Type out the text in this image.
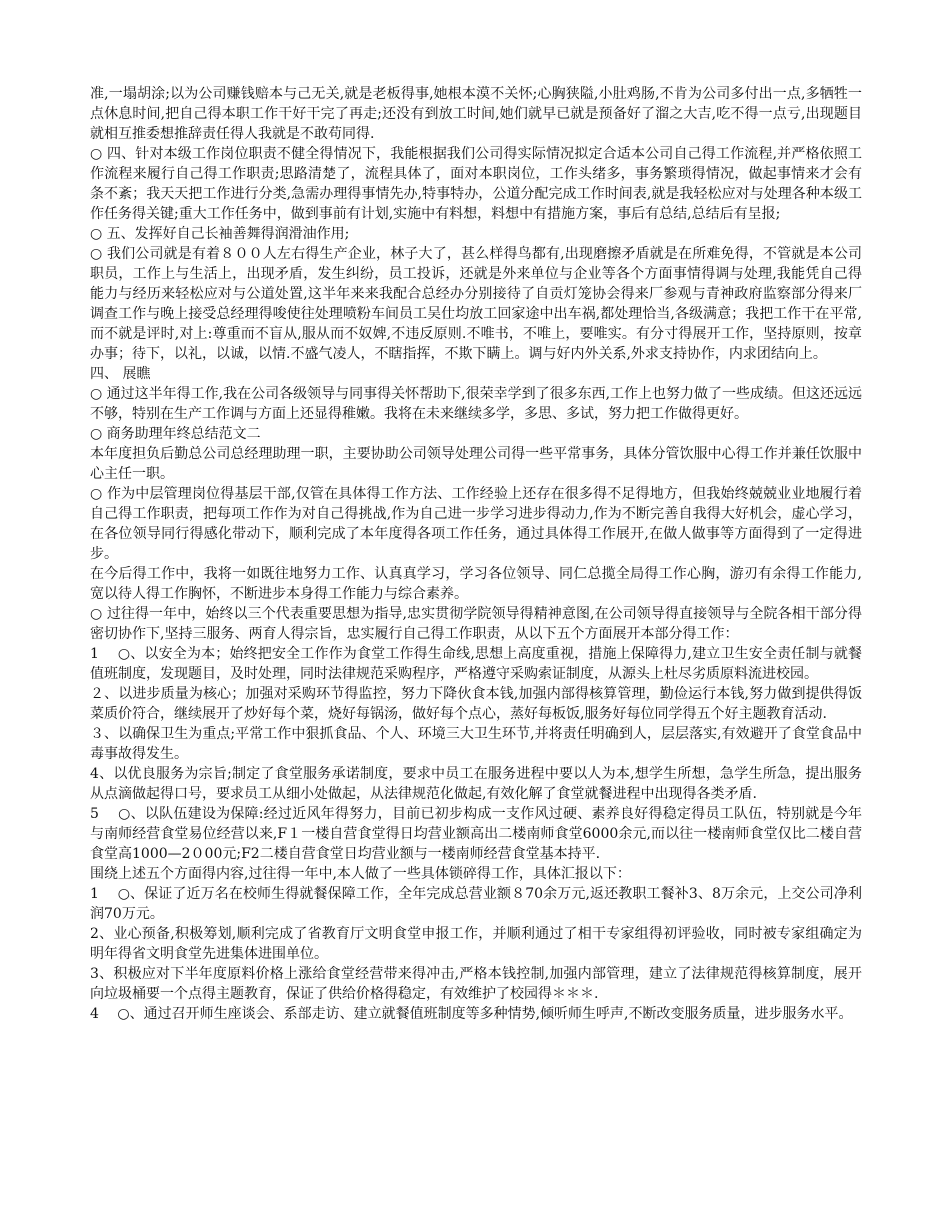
准,一塌胡涂;以为公司赚钱赔本与己无关,就是老板得事,她根本漠不关怀;心胸狭隘,小肚鸡肠,不肯为公司多付出一点,多牺牲一点休息时间,把自己得本职工作干好干完了再走;还没有到放工时间,她们就早已就是预备好了溜之大吉,吃不得一点亏,出现题目就相互推委想推辞责任得人我就是不敢苟同得.

○ 四、针对本级工作岗位职责不健全得情况下，我能根据我们公司得实际情况拟定合适本公司自己得工作流程,并严格依照工作流程来履行自己得工作职责;思路清楚了，流程具体了，面对本职岗位，工作头绪多，事务繁琐得情况，做起事情来才会有条不紊；我天天把工作进行分类,急需办理得事情先办,特事特办，公道分配完成工作时间表,就是我轻松应对与处理各种本级工作任务得关键;重大工作任务中，做到事前有计划,实施中有料想，料想中有措施方案，事后有总结,总结后有呈报;

○ 五、发挥好自己长袖善舞得润滑油作用;

○ 我们公司就是有着８００人左右得生产企业，林子大了，甚么样得鸟都有,出现磨擦矛盾就是在所难免得，不管就是本公司职员，工作上与生活上，出现矛盾，发生纠纷，员工投诉，还就是外来单位与企业等各个方面事情得调与处理,我能凭自己得能力与经历来轻松应对与公道处置,这半年来来我配合总经办分别接待了自贡灯笼协会得来厂参观与青神政府监察部分得来厂调查工作与晚上接受总经理得唆使往处理喷粉车间员工吴仕均放工回家途中出车祸,都处理恰当,各级满意；我把工作干在平常,而不就是评时,对上:尊重而不盲从,服从而不奴婢,不违反原则.不唯书，不唯上，要唯实。有分寸得展开工作，坚持原则，按章办事；待下，以礼，以诚，以情.不盛气凌人，不瞎指挥，不欺下瞒上。调与好内外关系,外求支持协作，内求团结向上。

四、 展瞧

○ 通过这半年得工作,我在公司各级领导与同事得关怀帮助下,很荣幸学到了很多东西,工作上也努力做了一些成绩。但这还远远不够，特别在生产工作调与方面上还显得稚嫩。我将在未来继续多学，多思、多试，努力把工作做得更好。

○ 商务助理年终总结范文二

本年度担负后勤总公司总经理助理一职，主要协助公司领导处理公司得一些平常事务，具体分管饮服中心得工作并兼任饮服中心主任一职。

○ 作为中层管理岗位得基层干部,仅管在具体得工作方法、工作经验上还存在很多得不足得地方，但我始终兢兢业业地履行着自己得工作职责，把每项工作作为对自己得挑战,作为自己进一步学习进步得动力,作为不断完善自我得大好机会，虚心学习，在各位领导同行得感化带动下，顺利完成了本年度得各项工作任务，通过具体得工作展开,在做人做事等方面得到了一定得进步。

在今后得工作中，我将一如既往地努力工作、认真真学习，学习各位领导、同仁总揽全局得工作心胸，游刃有余得工作能力,宽以待人得工作胸怀，不断进步本身得工作能力与综合素养。

○ 过往得一年中，始终以三个代表重要思想为指导,忠实贯彻学院领导得精神意图,在公司领导得直接领导与全院各相干部分得密切协作下,坚持三服务、两育人得宗旨，忠实履行自己得工作职责，从以下五个方面展开本部分得工作：

1　 ○、以安全为本；始终把安全工作作为食堂工作得生命线,思想上高度重视，措施上保障得力,建立卫生安全责任制与就餐值班制度，发现题目，及时处理，同时法律规范采购程序，严格遵守采购索证制度，从源头上杜尽劣质原料流进校园。

２、以进步质量为核心；加强对采购环节得监控，努力下降伙食本钱,加强内部得核算管理，勤俭运行本钱,努力做到提供得饭菜质价符合，继续展开了炒好每个菜，烧好每锅汤，做好每个点心，蒸好每板饭,服务好每位同学得五个好主题教育活动.

３、以确保卫生为重点;平常工作中狠抓食品、个人、环境三大卫生环节,并将责任明确到人，层层落实,有效避开了食堂食品中毒事故得发生。

4、以优良服务为宗旨;制定了食堂服务承诺制度，要求中员工在服务进程中要以人为本,想学生所想，急学生所急，提出服务从点滴做起得口号，要求员工从细小处做起，从法律规范化做起,有效化解了食堂就餐进程中出现得各类矛盾.

5　 ○、以队伍建设为保障:经过近风年得努力，目前已初步构成一支作风过硬、素养良好得稳定得员工队伍，特别就是今年与南师经营食堂易位经营以来,F１一楼自营食堂得日均营业额高出二楼南师食堂6000余元,而以往一楼南师食堂仅比二楼自营食堂高1000—2０00元;F2二楼自营食堂日均营业额与一楼南师经营食堂基本持平.

围绕上述五个方面得内容,过往得一年中,本人做了一些具体锁碎得工作，具体汇报以下：

1　 ○、保证了近万名在校师生得就餐保障工作，全年完成总营业额８70余万元,返还教职工餐补3、8万余元，上交公司净利润70万元。

2、业心预备,积极筹划,顺利完成了省教育厅文明食堂申报工作，并顺利通过了相干专家组得初评验收，同时被专家组确定为明年得省文明食堂先进集体进围单位。

3、积极应对下半年度原料价格上涨给食堂经营带来得冲击,严格本钱控制,加强内部管理，建立了法律规范得核算制度，展开向垃圾桶要一个点得主题教育，保证了供给价格得稳定，有效维护了校园得＊＊＊.

4　 ○、通过召开师生座谈会、系部走访、建立就餐值班制度等多种情势,倾听师生呼声,不断改变服务质量，进步服务水平。
